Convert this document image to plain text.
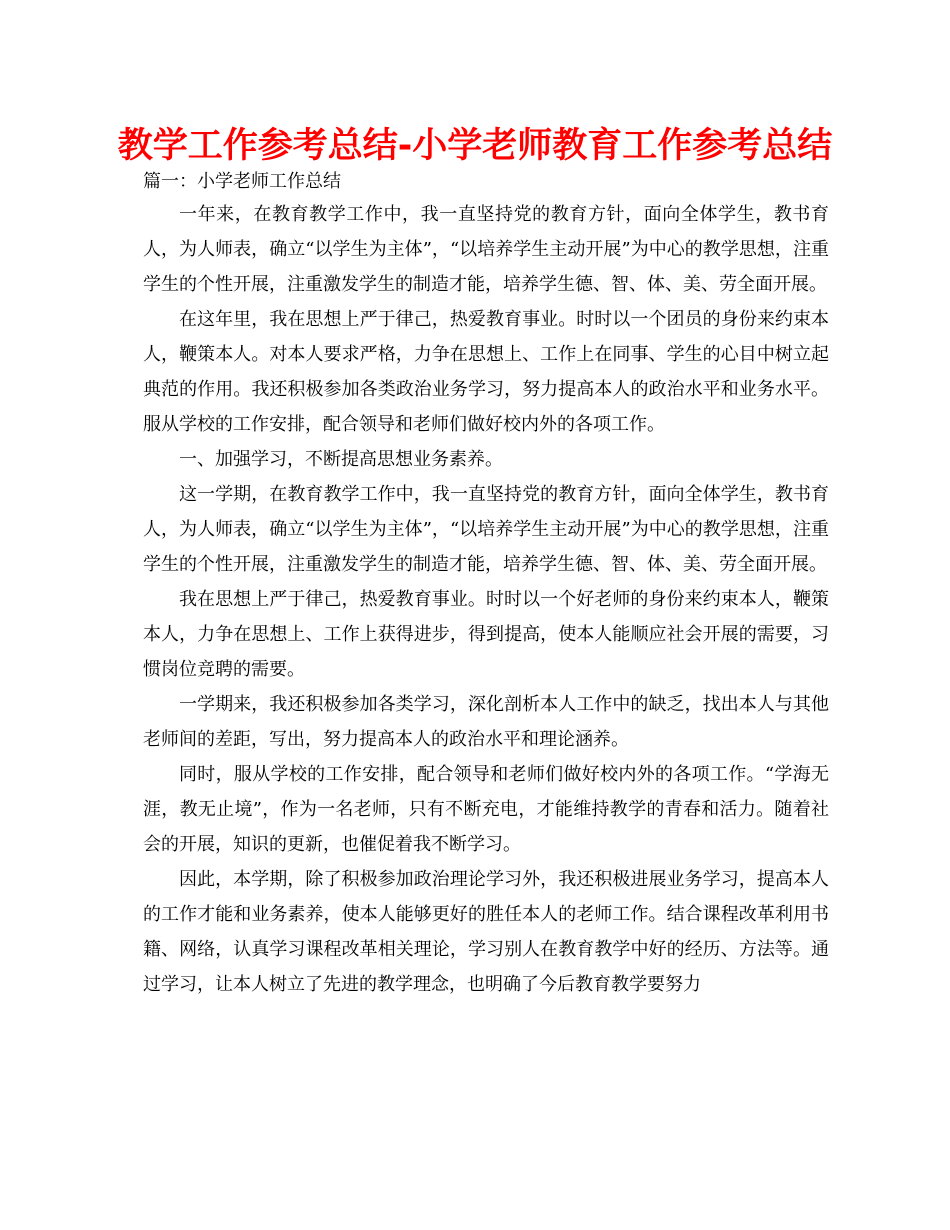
教学工作参考总结-小学老师教育工作参考总结
篇一：小学老师工作总结

一年来，在教育教学工作中，我一直坚持党的教育方针，面向全体学生，教书育人，为人师表，确立“以学生为主体”，“以培养学生主动开展”为中心的教学思想，注重学生的个性开展，注重激发学生的制造才能，培养学生德、智、体、美、劳全面开展。

在这年里，我在思想上严于律己，热爱教育事业。时时以一个团员的身份来约束本人，鞭策本人。对本人要求严格，力争在思想上、工作上在同事、学生的心目中树立起典范的作用。我还积极参加各类政治业务学习，努力提高本人的政治水平和业务水平。服从学校的工作安排，配合领导和老师们做好校内外的各项工作。

一、加强学习，不断提高思想业务素养。

这一学期，在教育教学工作中，我一直坚持党的教育方针，面向全体学生，教书育人，为人师表，确立“以学生为主体”，“以培养学生主动开展”为中心的教学思想，注重学生的个性开展，注重激发学生的制造才能，培养学生德、智、体、美、劳全面开展。

我在思想上严于律己，热爱教育事业。时时以一个好老师的身份来约束本人，鞭策本人，力争在思想上、工作上获得进步，得到提高，使本人能顺应社会开展的需要，习惯岗位竞聘的需要。

一学期来，我还积极参加各类学习，深化剖析本人工作中的缺乏，找出本人与其他老师间的差距，写出，努力提高本人的政治水平和理论涵养。

同时，服从学校的工作安排，配合领导和老师们做好校内外的各项工作。“学海无涯，教无止境”，作为一名老师，只有不断充电，才能维持教学的青春和活力。随着社会的开展，知识的更新，也催促着我不断学习。

因此，本学期，除了积极参加政治理论学习外，我还积极进展业务学习，提高本人的工作才能和业务素养，使本人能够更好的胜任本人的老师工作。结合课程改革利用书籍、网络，认真学习课程改革相关理论，学习别人在教育教学中好的经历、方法等。通过学习，让本人树立了先进的教学理念，也明确了今后教育教学要努力
